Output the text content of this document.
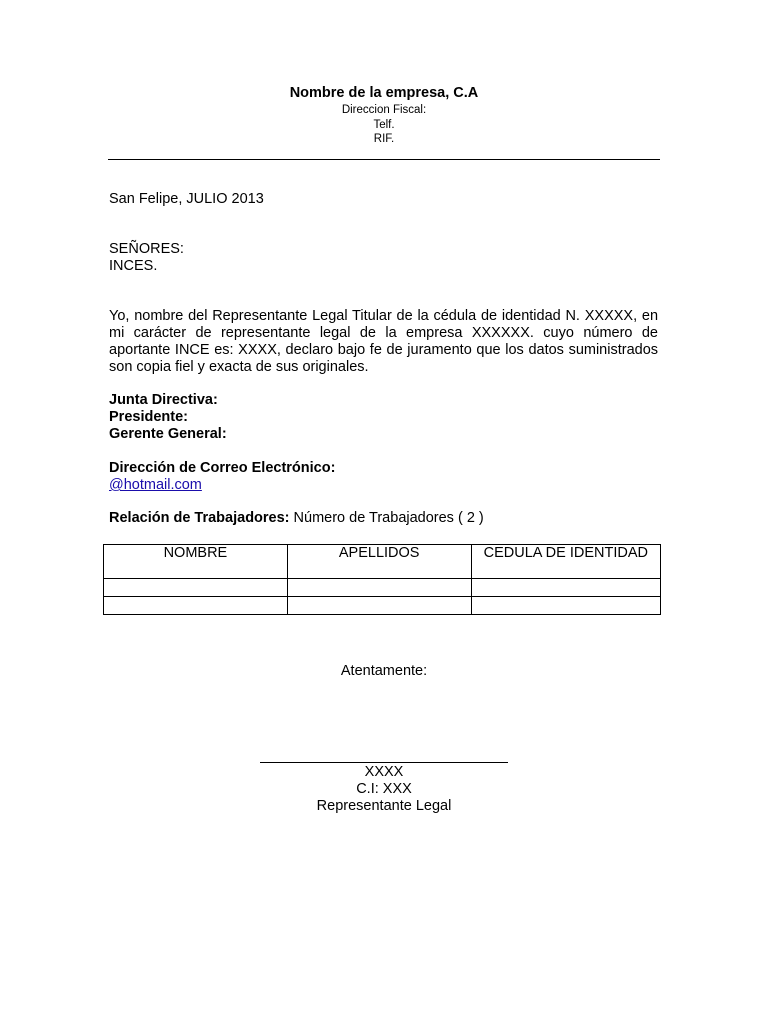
Nombre de la empresa, C.A
Direccion Fiscal:
Telf.
RIF.
San Felipe, JULIO 2013
SEÑORES:
INCES.
Yo, nombre del Representante Legal Titular de la cédula de identidad N. XXXXX, en mi carácter de representante legal de la empresa XXXXXX. cuyo número de aportante INCE es: XXXX, declaro bajo fe de juramento que los datos suministrados son copia fiel y exacta de sus originales.
Junta Directiva:
Presidente:
Gerente General:
Dirección de Correo Electrónico:
@hotmail.com
Relación de Trabajadores: Número de Trabajadores ( 2 )
NOMBRE	APELLIDOS	CEDULA DE IDENTIDAD

Atentamente:
XXXX
C.I: XXX
Representante Legal
